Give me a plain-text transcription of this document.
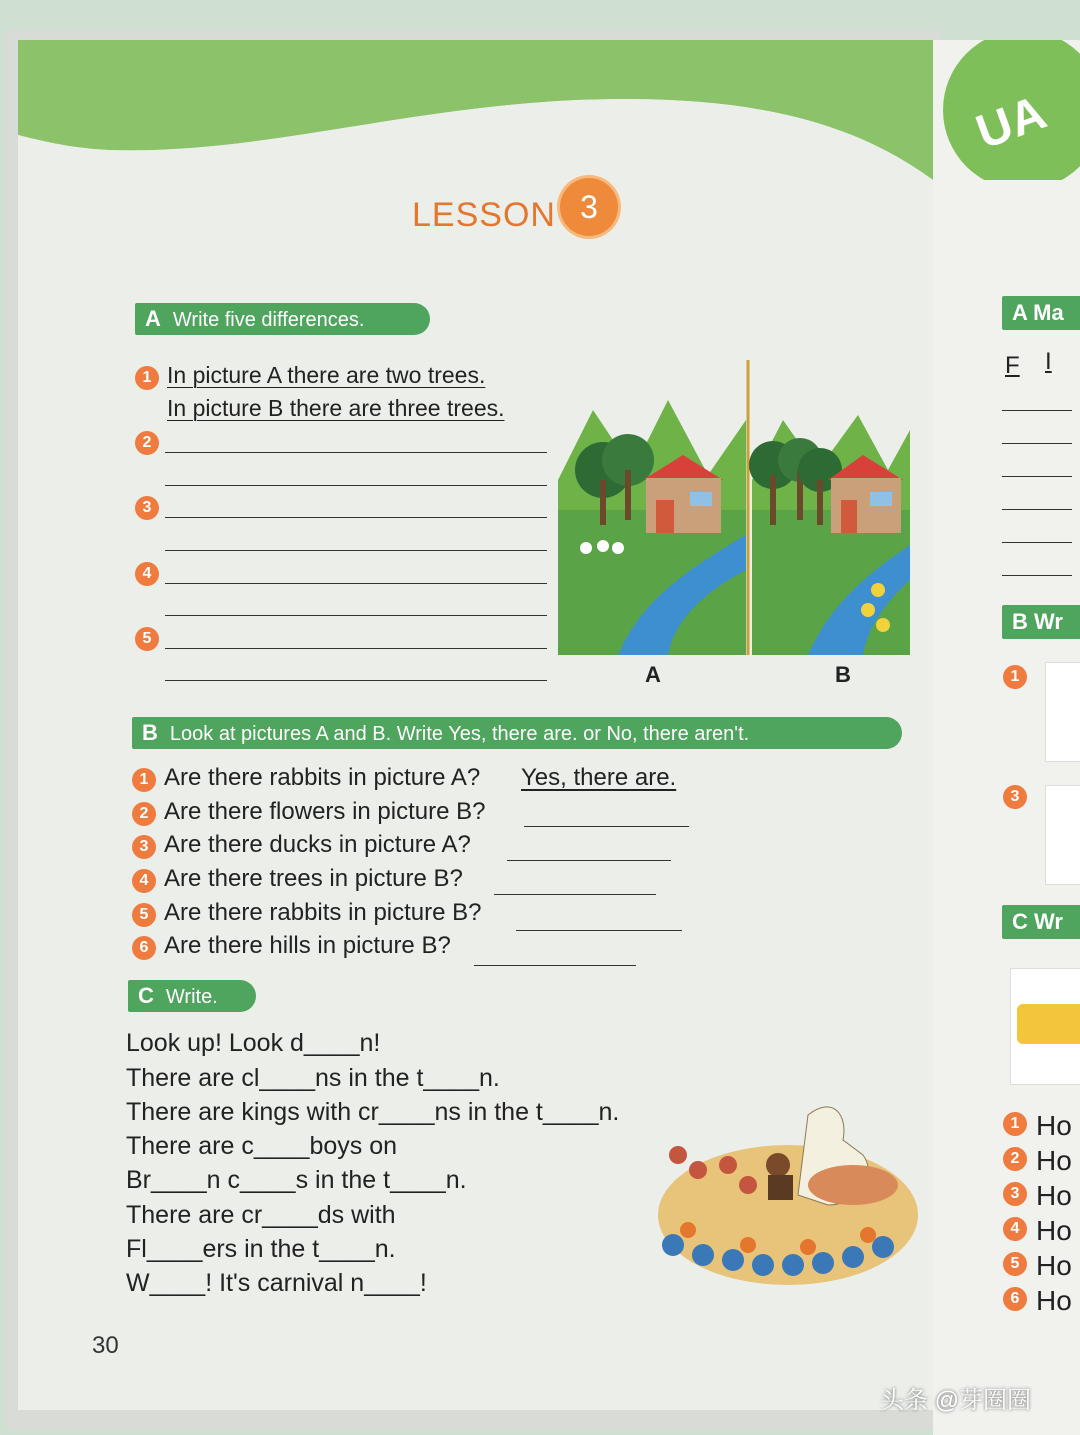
UA
LESSON 3
A Write five differences.
1 In picture A there are two trees.
In picture B there are three trees.
2
3
4
5
A	B
B Look at pictures A and B. Write Yes, there are. or No, there aren't.
1 Are there rabbits in picture A? Yes, there are.
2 Are there flowers in picture B?
3 Are there ducks in picture A?
4 Are there trees in picture B?
5 Are there rabbits in picture B?
6 Are there hills in picture B?
C Write.
Look up! Look d____n!
There are cl____ns in the t____n.
There are kings with cr____ns in the t____n.
There are c____boys on
Br____n c____s in the t____n.
There are cr____ds with
Fl____ers in the t____n.
W____! It's carnival n____!
30
A Ma
F I
B Wr
1
3
C Wr
1 Ho
2 Ho
3 Ho
4 Ho
5 Ho
6 Ho
头条 @芽圈圈
